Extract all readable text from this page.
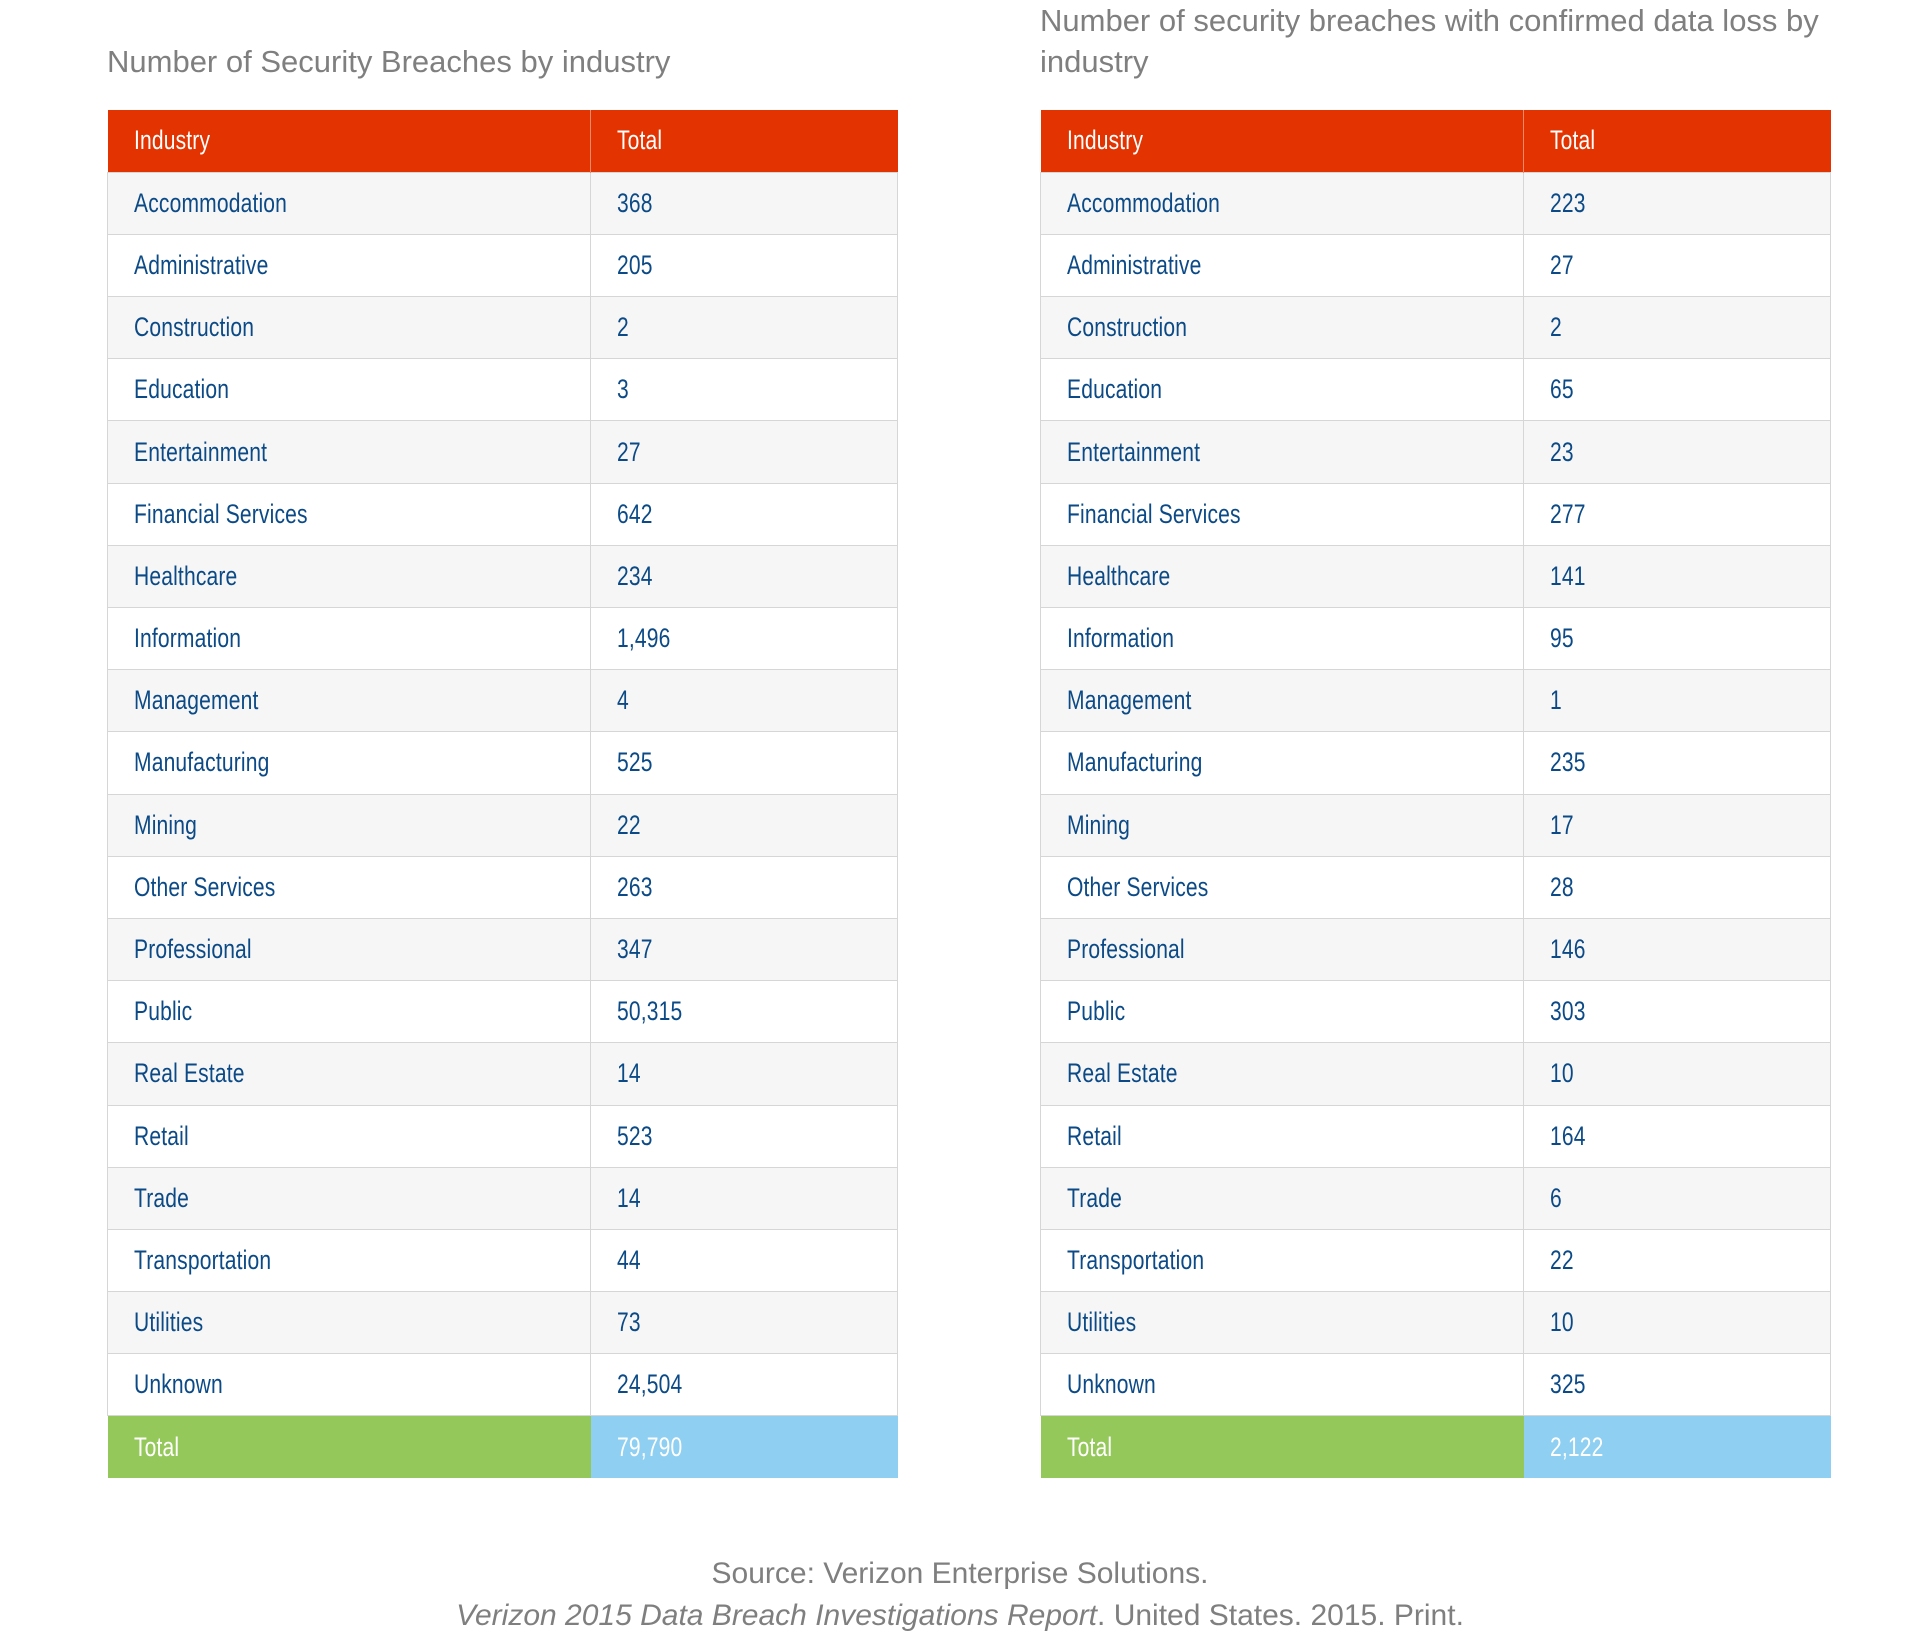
Number of Security Breaches by industry
Industry	Total
Accommodation	368
Administrative	205
Construction	2
Education	3
Entertainment	27
Financial Services	642
Healthcare	234
Information	1,496
Management	4
Manufacturing	525
Mining	22
Other Services	263
Professional	347
Public	50,315
Real Estate	14
Retail	523
Trade	14
Transportation	44
Utilities	73
Unknown	24,504
Total	79,790
Number of security breaches with confirmed data loss by industry
Industry	Total
Accommodation	223
Administrative	27
Construction	2
Education	65
Entertainment	23
Financial Services	277
Healthcare	141
Information	95
Management	1
Manufacturing	235
Mining	17
Other Services	28
Professional	146
Public	303
Real Estate	10
Retail	164
Trade	6
Transportation	22
Utilities	10
Unknown	325
Total	2,122
Source: Verizon Enterprise Solutions.
Verizon 2015 Data Breach Investigations Report. United States. 2015. Print.
